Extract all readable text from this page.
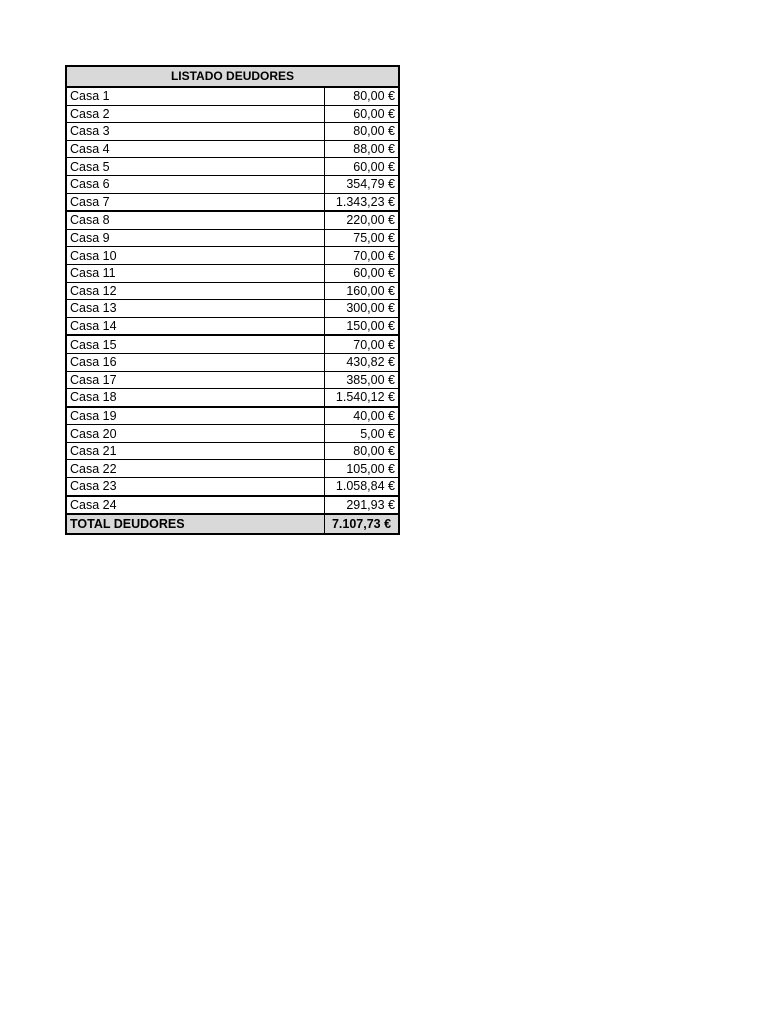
LISTADO DEUDORES
Casa 1	80,00 €
Casa 2	60,00 €
Casa 3	80,00 €
Casa 4	88,00 €
Casa 5	60,00 €
Casa 6	354,79 €
Casa 7	1.343,23 €
Casa 8	220,00 €
Casa 9	75,00 €
Casa 10	70,00 €
Casa 11	60,00 €
Casa 12	160,00 €
Casa 13	300,00 €
Casa 14	150,00 €
Casa 15	70,00 €
Casa 16	430,82 €
Casa 17	385,00 €
Casa 18	1.540,12 €
Casa 19	40,00 €
Casa 20	5,00 €
Casa 21	80,00 €
Casa 22	105,00 €
Casa 23	1.058,84 €
Casa 24	291,93 €
TOTAL DEUDORES	7.107,73 €
